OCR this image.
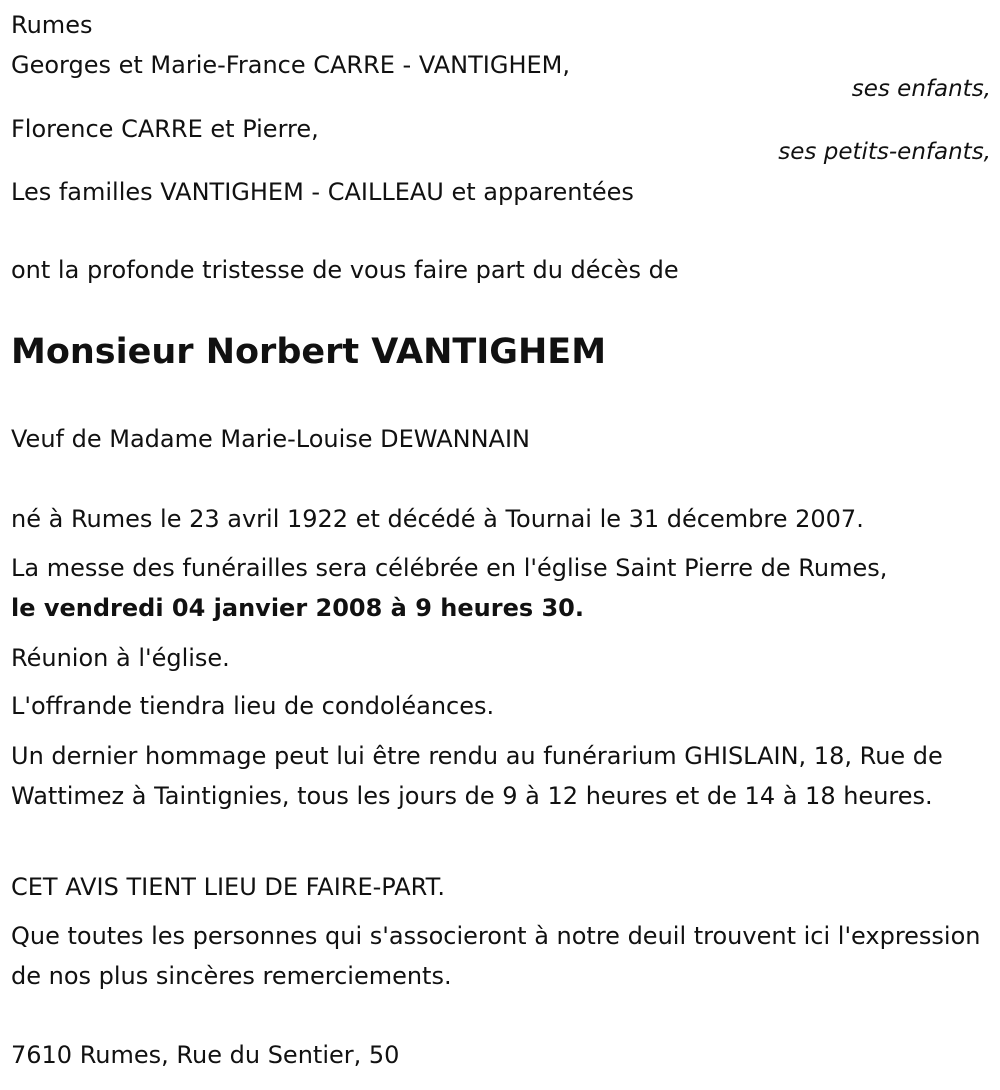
Rumes
Georges et Marie-France CARRE - VANTIGHEM,
ses enfants,
Florence CARRE et Pierre,
ses petits-enfants,
Les familles VANTIGHEM - CAILLEAU et apparentées
ont la profonde tristesse de vous faire part du décès de
Monsieur Norbert VANTIGHEM
Veuf de Madame Marie-Louise DEWANNAIN
né à Rumes le 23 avril 1922 et décédé à Tournai le 31 décembre 2007.
La messe des funérailles sera célébrée en l'église Saint Pierre de Rumes,
le vendredi 04 janvier 2008 à 9 heures 30.
Réunion à l'église.
L'offrande tiendra lieu de condoléances.
Un dernier hommage peut lui être rendu au funérarium GHISLAIN, 18, Rue de Wattimez à Taintignies, tous les jours de 9 à 12 heures et de 14 à 18 heures.
CET AVIS TIENT LIEU DE FAIRE-PART.
Que toutes les personnes qui s'associeront à notre deuil trouvent ici l'expression de nos plus sincères remerciements.
7610 Rumes, Rue du Sentier, 50
